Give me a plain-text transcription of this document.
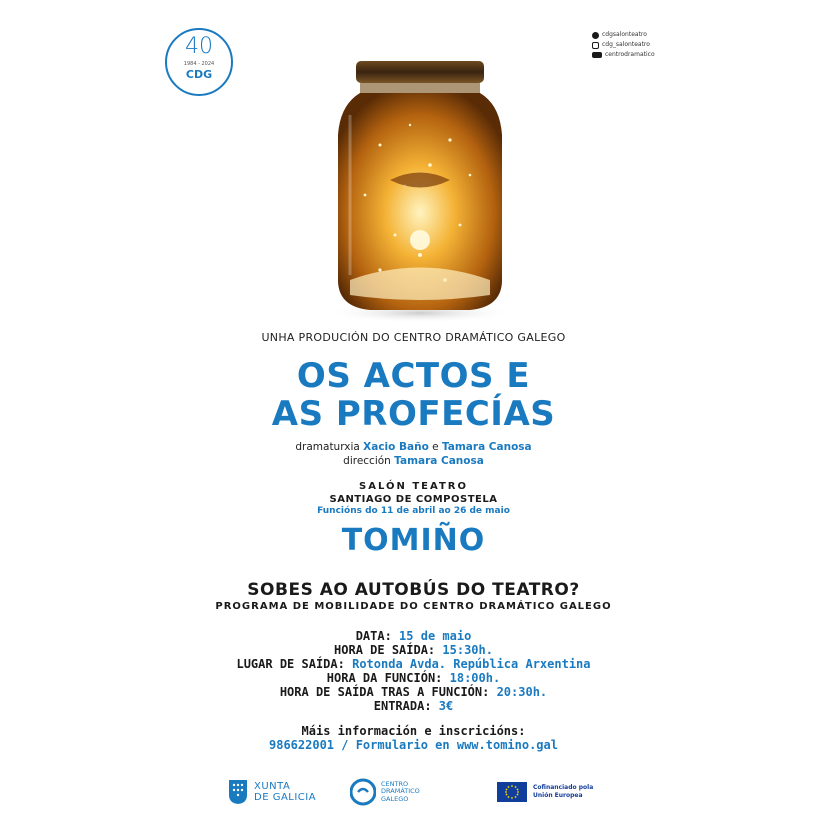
40
1984 - 2024
CDG
cdgsalonteatro
cdg_salonteatro
centrodramatico
UNHA PRODUCIÓN DO CENTRO DRAMÁTICO GALEGO
OS ACTOS E
AS PROFECÍAS
dramaturxia Xacio Baño e Tamara Canosa
dirección Tamara Canosa
SALÓN TEATRO
SANTIAGO DE COMPOSTELA
Funcións do 11 de abril ao 26 de maio
TOMIÑO
SOBES AO AUTOBÚS DO TEATRO?
PROGRAMA DE MOBILIDADE DO CENTRO DRAMÁTICO GALEGO
DATA: 15 de maio
HORA DE SAÍDA: 15:30h.
LUGAR DE SAÍDA: Rotonda Avda. República Arxentina
HORA DA FUNCIÓN: 18:00h.
HORA DE SAÍDA TRAS A FUNCIÓN: 20:30h.
ENTRADA: 3€
Máis información e inscricións:
986622001 / Formulario en www.tomino.gal
XUNTA
DE GALICIA
CENTRO
DRAMÁTICO
GALEGO
Cofinanciado pola
Unión Europea
